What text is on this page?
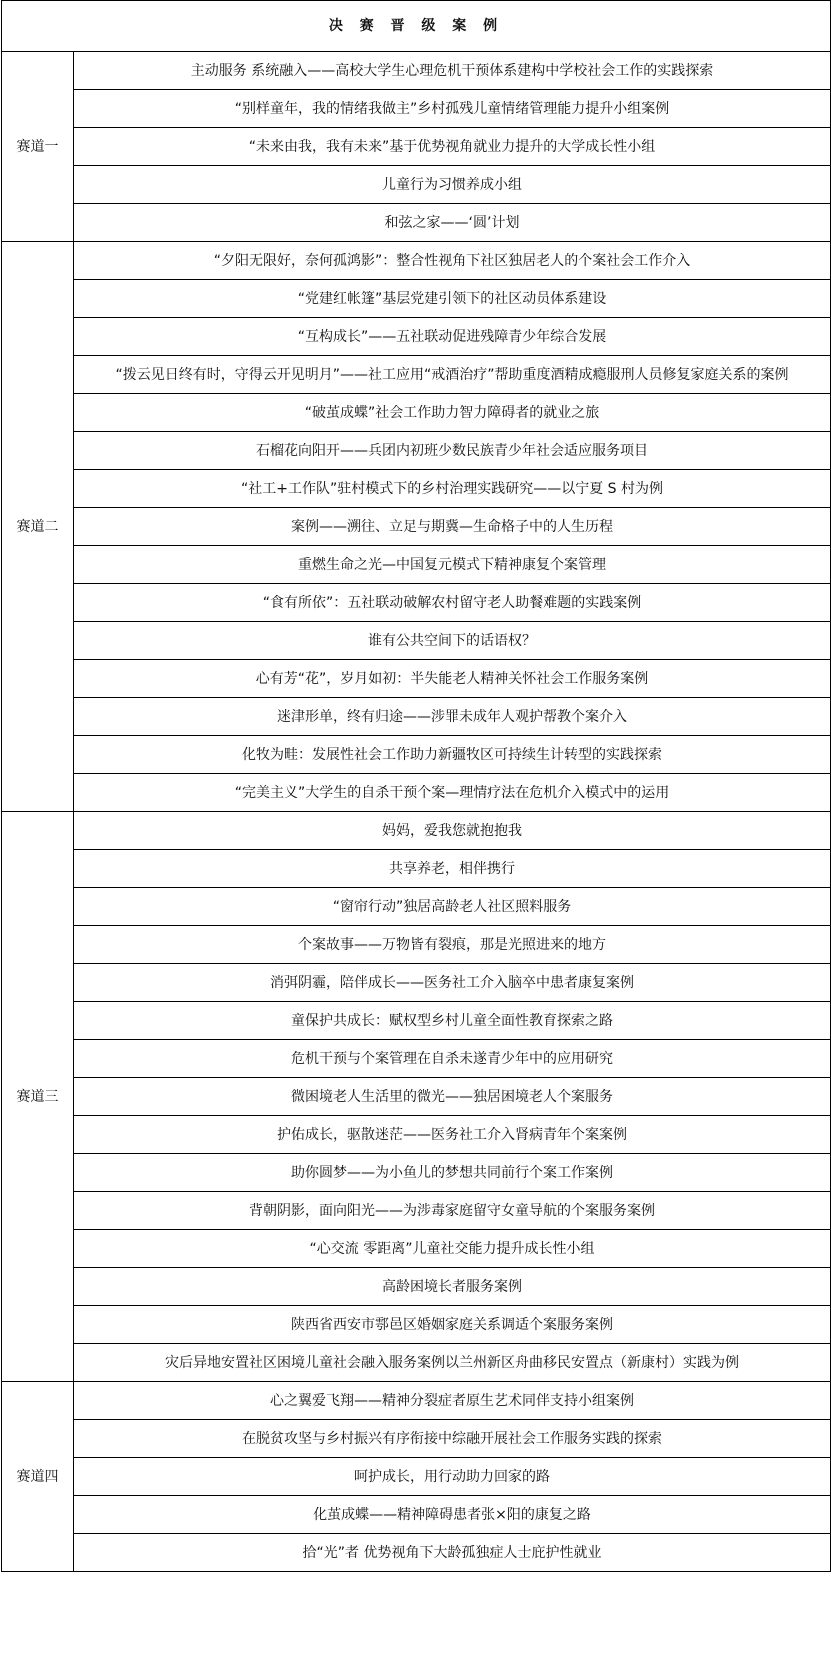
决 赛 晋 级 案 例	
赛道一	主动服务 系统融入——高校大学生心理危机干预体系建构中学校社会工作的实践探索
	“别样童年，我的情绪我做主”乡村孤残儿童情绪管理能力提升小组案例
	“未来由我，我有未来”基于优势视角就业力提升的大学成长性小组
	儿童行为习惯养成小组
	和弦之家——‘圆’计划
赛道二	“夕阳无限好，奈何孤鸿影”：整合性视角下社区独居老人的个案社会工作介入
	“党建红帐篷”基层党建引领下的社区动员体系建设
	“互构成长”——五社联动促进残障青少年综合发展
	“拨云见日终有时，守得云开见明月”——社工应用“戒酒治疗”帮助重度酒精成瘾服刑人员修复家庭关系的案例
	“破茧成蝶”社会工作助力智力障碍者的就业之旅
	石榴花向阳开——兵团内初班少数民族青少年社会适应服务项目
	“社工+工作队”驻村模式下的乡村治理实践研究——以宁夏 S 村为例
	案例——溯往、立足与期冀—生命格子中的人生历程
	重燃生命之光—中国复元模式下精神康复个案管理
	“食有所依”：五社联动破解农村留守老人助餐难题的实践案例
	谁有公共空间下的话语权？
	心有芳“花”，岁月如初：半失能老人精神关怀社会工作服务案例
	迷津形单，终有归途——涉罪未成年人观护帮教个案介入
	化牧为畦：发展性社会工作助力新疆牧区可持续生计转型的实践探索
	“完美主义”大学生的自杀干预个案—理情疗法在危机介入模式中的运用
赛道三	妈妈，爱我您就抱抱我
	共享养老，相伴携行
	“窗帘行动”独居高龄老人社区照料服务
	个案故事——万物皆有裂痕，那是光照进来的地方
	消弭阴霾，陪伴成长——医务社工介入脑卒中患者康复案例
	童保护共成长：赋权型乡村儿童全面性教育探索之路
	危机干预与个案管理在自杀未遂青少年中的应用研究
	微困境老人生活里的微光——独居困境老人个案服务
	护佑成长，驱散迷茫——医务社工介入肾病青年个案案例
	助你圆梦——为小鱼儿的梦想共同前行个案工作案例
	背朝阴影，面向阳光——为涉毒家庭留守女童导航的个案服务案例
	“心交流 零距离”儿童社交能力提升成长性小组
	高龄困境长者服务案例
	陕西省西安市鄠邑区婚姻家庭关系调适个案服务案例
	灾后异地安置社区困境儿童社会融入服务案例以兰州新区舟曲移民安置点（新康村）实践为例
赛道四	心之翼爱飞翔——精神分裂症者原生艺术同伴支持小组案例
	在脱贫攻坚与乡村振兴有序衔接中综融开展社会工作服务实践的探索
	呵护成长，用行动助力回家的路
	化茧成蝶——精神障碍患者张×阳的康复之路
	拾“光”者 优势视角下大龄孤独症人士庇护性就业
